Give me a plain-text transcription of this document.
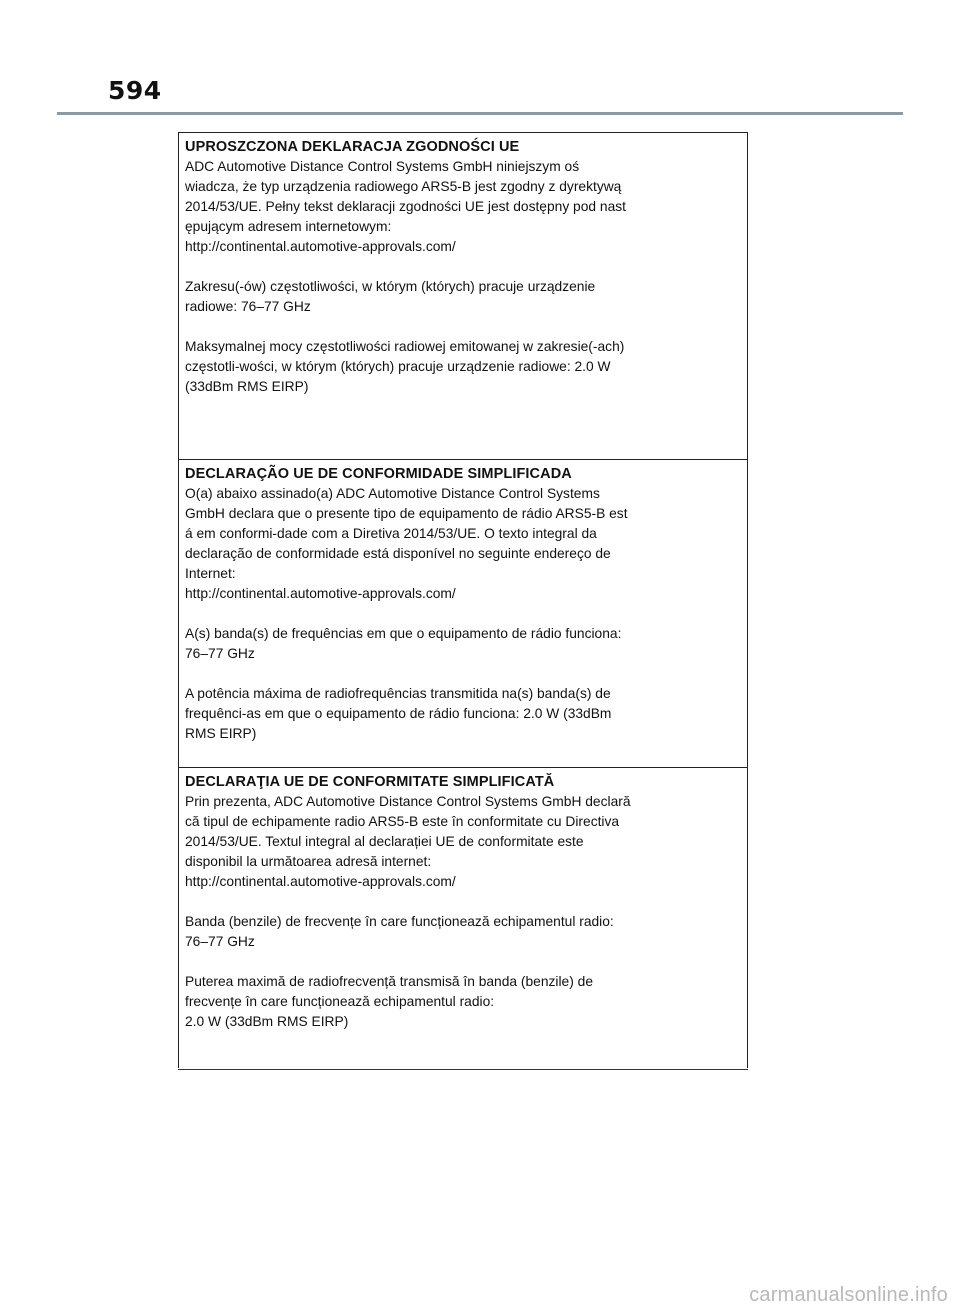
594

UPROSZCZONA DEKLARACJA ZGODNOŚCI UE

ADC Automotive Distance Control Systems GmbH niniejszym oś
wiadcza, że typ urządzenia radiowego ARS5-B jest zgodny z dyrektywą
2014/53/UE. Pełny tekst deklaracji zgodności UE jest dostępny pod nast
ępującym adresem internetowym:
http://continental.automotive-approvals.com/

Zakresu(-ów) częstotliwości, w którym (których) pracuje urządzenie
radiowe: 76–77 GHz

Maksymalnej mocy częstotliwości radiowej emitowanej w zakresie(-ach)
częstotli-wości, w którym (których) pracuje urządzenie radiowe: 2.0 W
(33dBm RMS EIRP)

DECLARAÇÃO UE DE CONFORMIDADE SIMPLIFICADA

O(a) abaixo assinado(a) ADC Automotive Distance Control Systems
GmbH declara que o presente tipo de equipamento de rádio ARS5-B est
á em conformi-dade com a Diretiva 2014/53/UE. O texto integral da
declaração de conformidade está disponível no seguinte endereço de
Internet:
http://continental.automotive-approvals.com/

A(s) banda(s) de frequências em que o equipamento de rádio funciona:
76–77 GHz

A potência máxima de radiofrequências transmitida na(s) banda(s) de
frequênci-as em que o equipamento de rádio funciona: 2.0 W (33dBm
RMS EIRP)

DECLARAŢIA UE DE CONFORMITATE SIMPLIFICATĂ

Prin prezenta, ADC Automotive Distance Control Systems GmbH declară
că tipul de echipamente radio ARS5-B este în conformitate cu Directiva
2014/53/UE. Textul integral al declarației UE de conformitate este
disponibil la următoarea adresă internet:
http://continental.automotive-approvals.com/

Banda (benzile) de frecvențe în care funcționează echipamentul radio:
76–77 GHz

Puterea maximă de radiofrecvență transmisă în banda (benzile) de
frecvențe în care funcționează echipamentul radio:
2.0 W (33dBm RMS EIRP)

carmanualsonline.info
